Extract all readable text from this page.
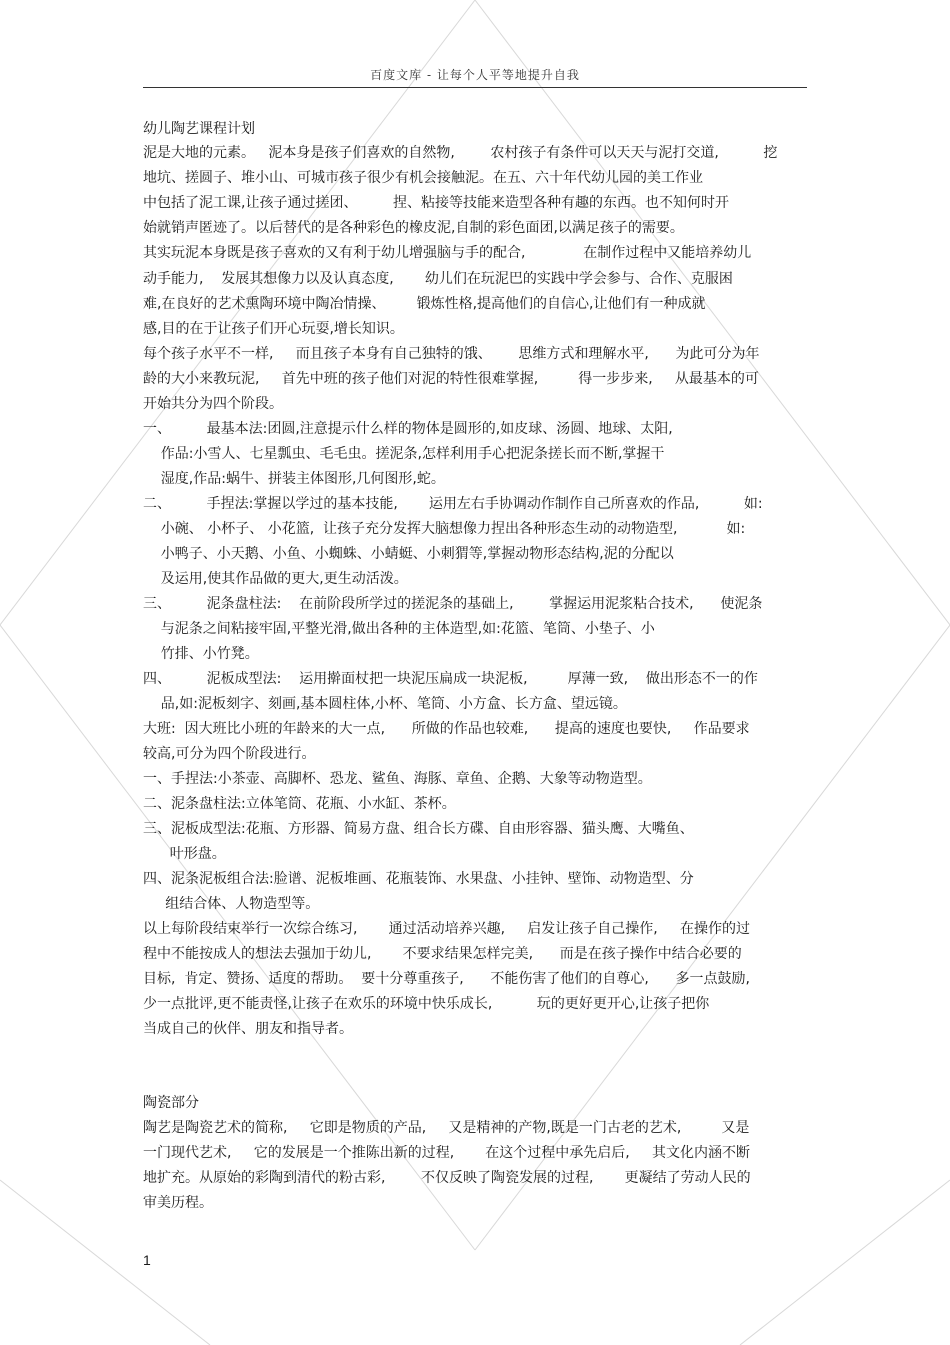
百度文库 - 让每个人平等地提升自我
幼儿陶艺课程计划
泥是大地的元素。   泥本身是孩子们喜欢的自然物,        农村孩子有条件可以天天与泥打交道,          挖
地坑、搓圆子、堆小山、可城市孩子很少有机会接触泥。在五、六十年代幼儿园的美工作业
中包括了泥工课,让孩子通过搓团、        捏、粘接等技能来造型各种有趣的东西。也不知何时开
始就销声匿迹了。以后替代的是各种彩色的橡皮泥,自制的彩色面团,以满足孩子的需要。
其实玩泥本身既是孩子喜欢的又有利于幼儿增强脑与手的配合,             在制作过程中又能培养幼儿
动手能力,    发展其想像力以及认真态度,       幼儿们在玩泥巴的实践中学会参与、合作、克服困
难,在良好的艺术熏陶环境中陶冶情操、       锻炼性格,提高他们的自信心,让他们有一种成就
感,目的在于让孩子们开心玩耍,增长知识。
每个孩子水平不一样,     而且孩子本身有自己独特的饿、      思维方式和理解水平,      为此可分为年
龄的大小来教玩泥,     首先中班的孩子他们对泥的特性很难掌握,         得一步步来,     从最基本的可
开始共分为四个阶段。
一、        最基本法:团圆,注意提示什么样的物体是圆形的,如皮球、汤圆、地球、太阳,
作品:小雪人、七星瓢虫、毛毛虫。搓泥条,怎样利用手心把泥条搓长而不断,掌握干
湿度,作品:蜗牛、拼装主体图形,几何图形,蛇。
二、        手捏法:掌握以学过的基本技能,       运用左右手协调动作制作自己所喜欢的作品,          如:
小碗、 小杯子、 小花篮,  让孩子充分发挥大脑想像力捏出各种形态生动的动物造型,           如:
小鸭子、小天鹅、小鱼、小蜘蛛、小蜻蜓、小刺猬等,掌握动物形态结构,泥的分配以
及运用,使其作品做的更大,更生动活泼。
三、        泥条盘柱法:    在前阶段所学过的搓泥条的基础上,        掌握运用泥浆粘合技术,      使泥条
与泥条之间粘接牢固,平整光滑,做出各种的主体造型,如:花篮、笔筒、小垫子、小
竹排、小竹凳。
四、        泥板成型法:    运用擀面杖把一块泥压扁成一块泥板,         厚薄一致,    做出形态不一的作
品,如:泥板刻字、刻画,基本圆柱体,小杯、笔筒、小方盒、长方盒、望远镜。
大班:  因大班比小班的年龄来的大一点,      所做的作品也较难,      提高的速度也要快,     作品要求
较高,可分为四个阶段进行。
一、手捏法:小茶壶、高脚杯、恐龙、鲨鱼、海豚、章鱼、企鹅、大象等动物造型。
二、泥条盘柱法:立体笔筒、花瓶、小水缸、茶杯。
三、泥板成型法:花瓶、方形器、简易方盘、组合长方碟、自由形容器、猫头鹰、大嘴鱼、
叶形盘。
四、泥条泥板组合法:脸谱、泥板堆画、花瓶装饰、水果盘、小挂钟、壁饰、动物造型、分
组结合体、人物造型等。
以上每阶段结束举行一次综合练习,       通过活动培养兴趣,     启发让孩子自己操作,     在操作的过
程中不能按成人的想法去强加于幼儿,       不要求结果怎样完美,      而是在孩子操作中结合必要的
目标,  肯定、赞扬、适度的帮助。  要十分尊重孩子,      不能伤害了他们的自尊心,      多一点鼓励,
少一点批评,更不能责怪,让孩子在欢乐的环境中快乐成长,          玩的更好更开心,让孩子把你
当成自己的伙伴、朋友和指导者。
陶瓷部分
陶艺是陶瓷艺术的简称,     它即是物质的产品,     又是精神的产物,既是一门古老的艺术,         又是
一门现代艺术,     它的发展是一个推陈出新的过程,       在这个过程中承先启后,     其文化内涵不断
地扩充。从原始的彩陶到清代的粉古彩,        不仅反映了陶瓷发展的过程,       更凝结了劳动人民的
审美历程。
1
